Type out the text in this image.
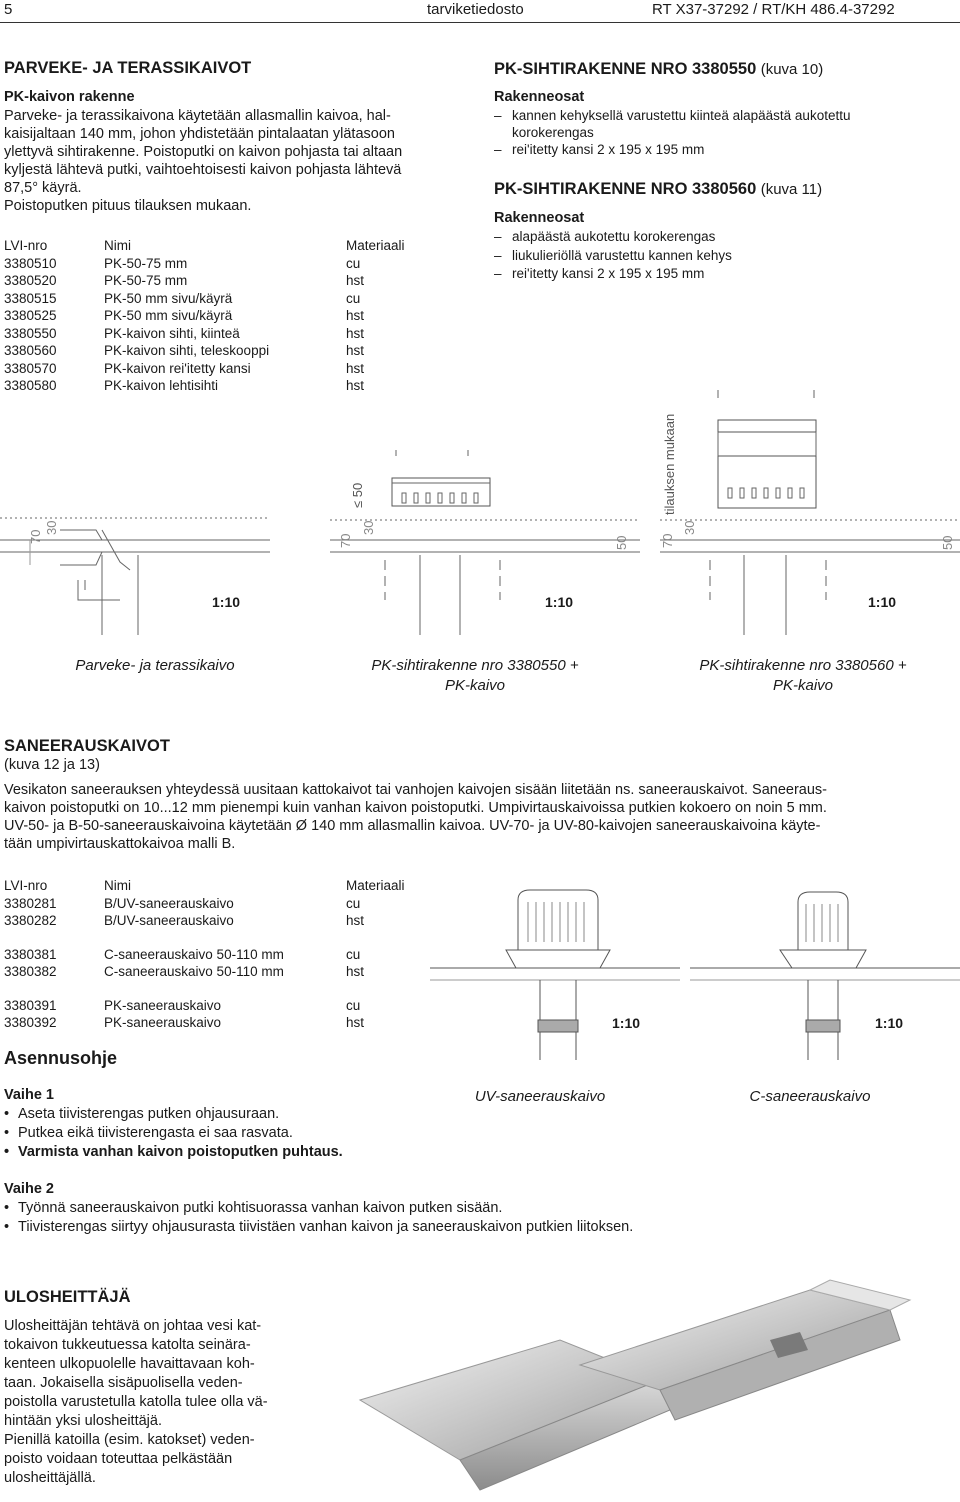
5	tarviketiedosto	RT X37-37292 / RT/KH 486.4-37292
PARVEKE- JA TERASSIKAIVOT
PK-kaivon rakenne
Parveke- ja terassikaivona käytetään allasmallin kaivoa, hal-
kaisijaltaan 140 mm, johon yhdistetään pintalaatan ylätasoon
ylettyvä sihtirakenne. Poistoputki on kaivon pohjasta tai altaan
kyljestä lähtevä putki, vaihtoehtoisesti kaivon pohjasta lähtevä
87,5° käyrä.
Poistoputken pituus tilauksen mukaan.
LVI-nro	Nimi	Materiaali
3380510	PK-50-75 mm	cu
3380520	PK-50-75 mm	hst
3380515	PK-50 mm sivu/käyrä	cu
3380525	PK-50 mm sivu/käyrä	hst
3380550	PK-kaivon sihti, kiinteä	hst
3380560	PK-kaivon sihti, teleskooppi	hst
3380570	PK-kaivon rei'itetty kansi	hst
3380580	PK-kaivon lehtisihti	hst
PK-SIHTIRAKENNE NRO 3380550 (kuva 10)
Rakenneosat
– kannen kehyksellä varustettu kiinteä alapäästä aukotettu
korokerengas
– rei'itetty kansi 2 x 195 x 195 mm
PK-SIHTIRAKENNE NRO 3380560 (kuva 11)
Rakenneosat
– alapäästä aukotettu korokerengas
– liukulieriöllä varustettu kannen kehys
– rei'itetty kansi 2 x 195 x 195 mm
70
30
70
30
≤ 50
50 70
30
tilauksen mukaan
50
1:10	1:10	1:10
Parveke- ja terassikaivo	PK-sihtirakenne nro 3380550 +
PK-kaivo
PK-sihtirakenne nro 3380560 +
PK-kaivo
SANEERAUSKAIVOT
(kuva 12 ja 13)
Vesikaton saneerauksen yhteydessä uusitaan kattokaivot tai vanhojen kaivojen sisään liitetään ns. saneerauskaivot. Saneeraus-
kaivon poistoputki on 10...12 mm pienempi kuin vanhan kaivon poistoputki. Umpivirtauskaivoissa putkien kokoero on noin 5 mm.
UV-50- ja B-50-saneerauskaivoina käytetään Ø 140 mm allasmallin kaivoa. UV-70- ja UV-80-kaivojen saneerauskaivoina käyte-
tään umpivirtauskattokaivoa malli B.
LVI-nro	Nimi	Materiaali
3380281	B/UV-saneerauskaivo	cu
3380282	B/UV-saneerauskaivo	hst
3380381	C-saneerauskaivo 50-110 mm	cu
3380382	C-saneerauskaivo 50-110 mm	hst
3380391	PK-saneerauskaivo	cu
3380392	PK-saneerauskaivo	hst	1:10	1:10
UV-saneerauskaivo	C-saneerauskaivo
Asennusohje
Vaihe 1
• Aseta tiivisterengas putken ohjausuraan.
• Putkea eikä tiivisterengasta ei saa rasvata.
• Varmista vanhan kaivon poistoputken puhtaus.
Vaihe 2
• Työnnä saneerauskaivon putki kohtisuorassa vanhan kaivon putken sisään.
• Tiivisterengas siirtyy ohjausurasta tiivistäen vanhan kaivon ja saneerauskaivon putkien liitoksen.
ULOSHEITTÄJÄ
Ulosheittäjän tehtävä on johtaa vesi kat-
tokaivon tukkeutuessa katolta seinära-
kenteen ulkopuolelle havaittavaan koh-
taan. Jokaisella sisäpuolisella veden-
poistolla varustetulla katolla tulee olla vä-
hintään yksi ulosheittäjä.
Pienillä katoilla (esim. katokset) veden-
poisto voidaan toteuttaa pelkästään
ulosheittäjällä.
